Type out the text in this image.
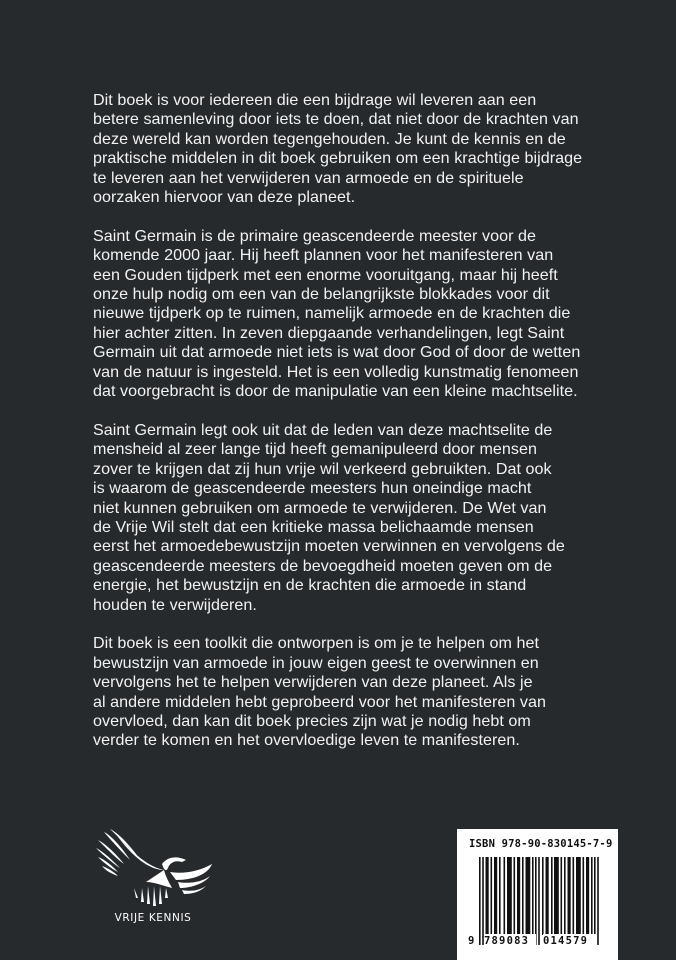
Dit boek is voor iedereen die een bijdrage wil leveren aan een
betere samenleving door iets te doen, dat niet door de krachten van
deze wereld kan worden tegengehouden. Je kunt de kennis en de
praktische middelen in dit boek gebruiken om een krachtige bijdrage
te leveren aan het verwijderen van armoede en de spirituele
oorzaken hiervoor van deze planeet.

Saint Germain is de primaire geascendeerde meester voor de
komende 2000 jaar. Hij heeft plannen voor het manifesteren van
een Gouden tijdperk met een enorme vooruitgang, maar hij heeft
onze hulp nodig om een van de belangrijkste blokkades voor dit
nieuwe tijdperk op te ruimen, namelijk armoede en de krachten die
hier achter zitten. In zeven diepgaande verhandelingen, legt Saint
Germain uit dat armoede niet iets is wat door God of door de wetten
van de natuur is ingesteld. Het is een volledig kunstmatig fenomeen
dat voorgebracht is door de manipulatie van een kleine machtselite.

Saint Germain legt ook uit dat de leden van deze machtselite de
mensheid al zeer lange tijd heeft gemanipuleerd door mensen
zover te krijgen dat zij hun vrije wil verkeerd gebruikten. Dat ook
is waarom de geascendeerde meesters hun oneindige macht
niet kunnen gebruiken om armoede te verwijderen. De Wet van
de Vrije Wil stelt dat een kritieke massa belichaamde mensen
eerst het armoedebewustzijn moeten verwinnen en vervolgens de
geascendeerde meesters de bevoegdheid moeten geven om de
energie, het bewustzijn en de krachten die armoede in stand
houden te verwijderen.

Dit boek is een toolkit die ontworpen is om je te helpen om het
bewustzijn van armoede in jouw eigen geest te overwinnen en
vervolgens het te helpen verwijderen van deze planeet. Als je
al andere middelen hebt geprobeerd voor het manifesteren van
overvloed, dan kan dit boek precies zijn wat je nodig hebt om
verder te komen en het overvloedige leven te manifesteren.

VRIJE KENNIS
ISBN 978-90-830145-7-9
9 789083	014579
